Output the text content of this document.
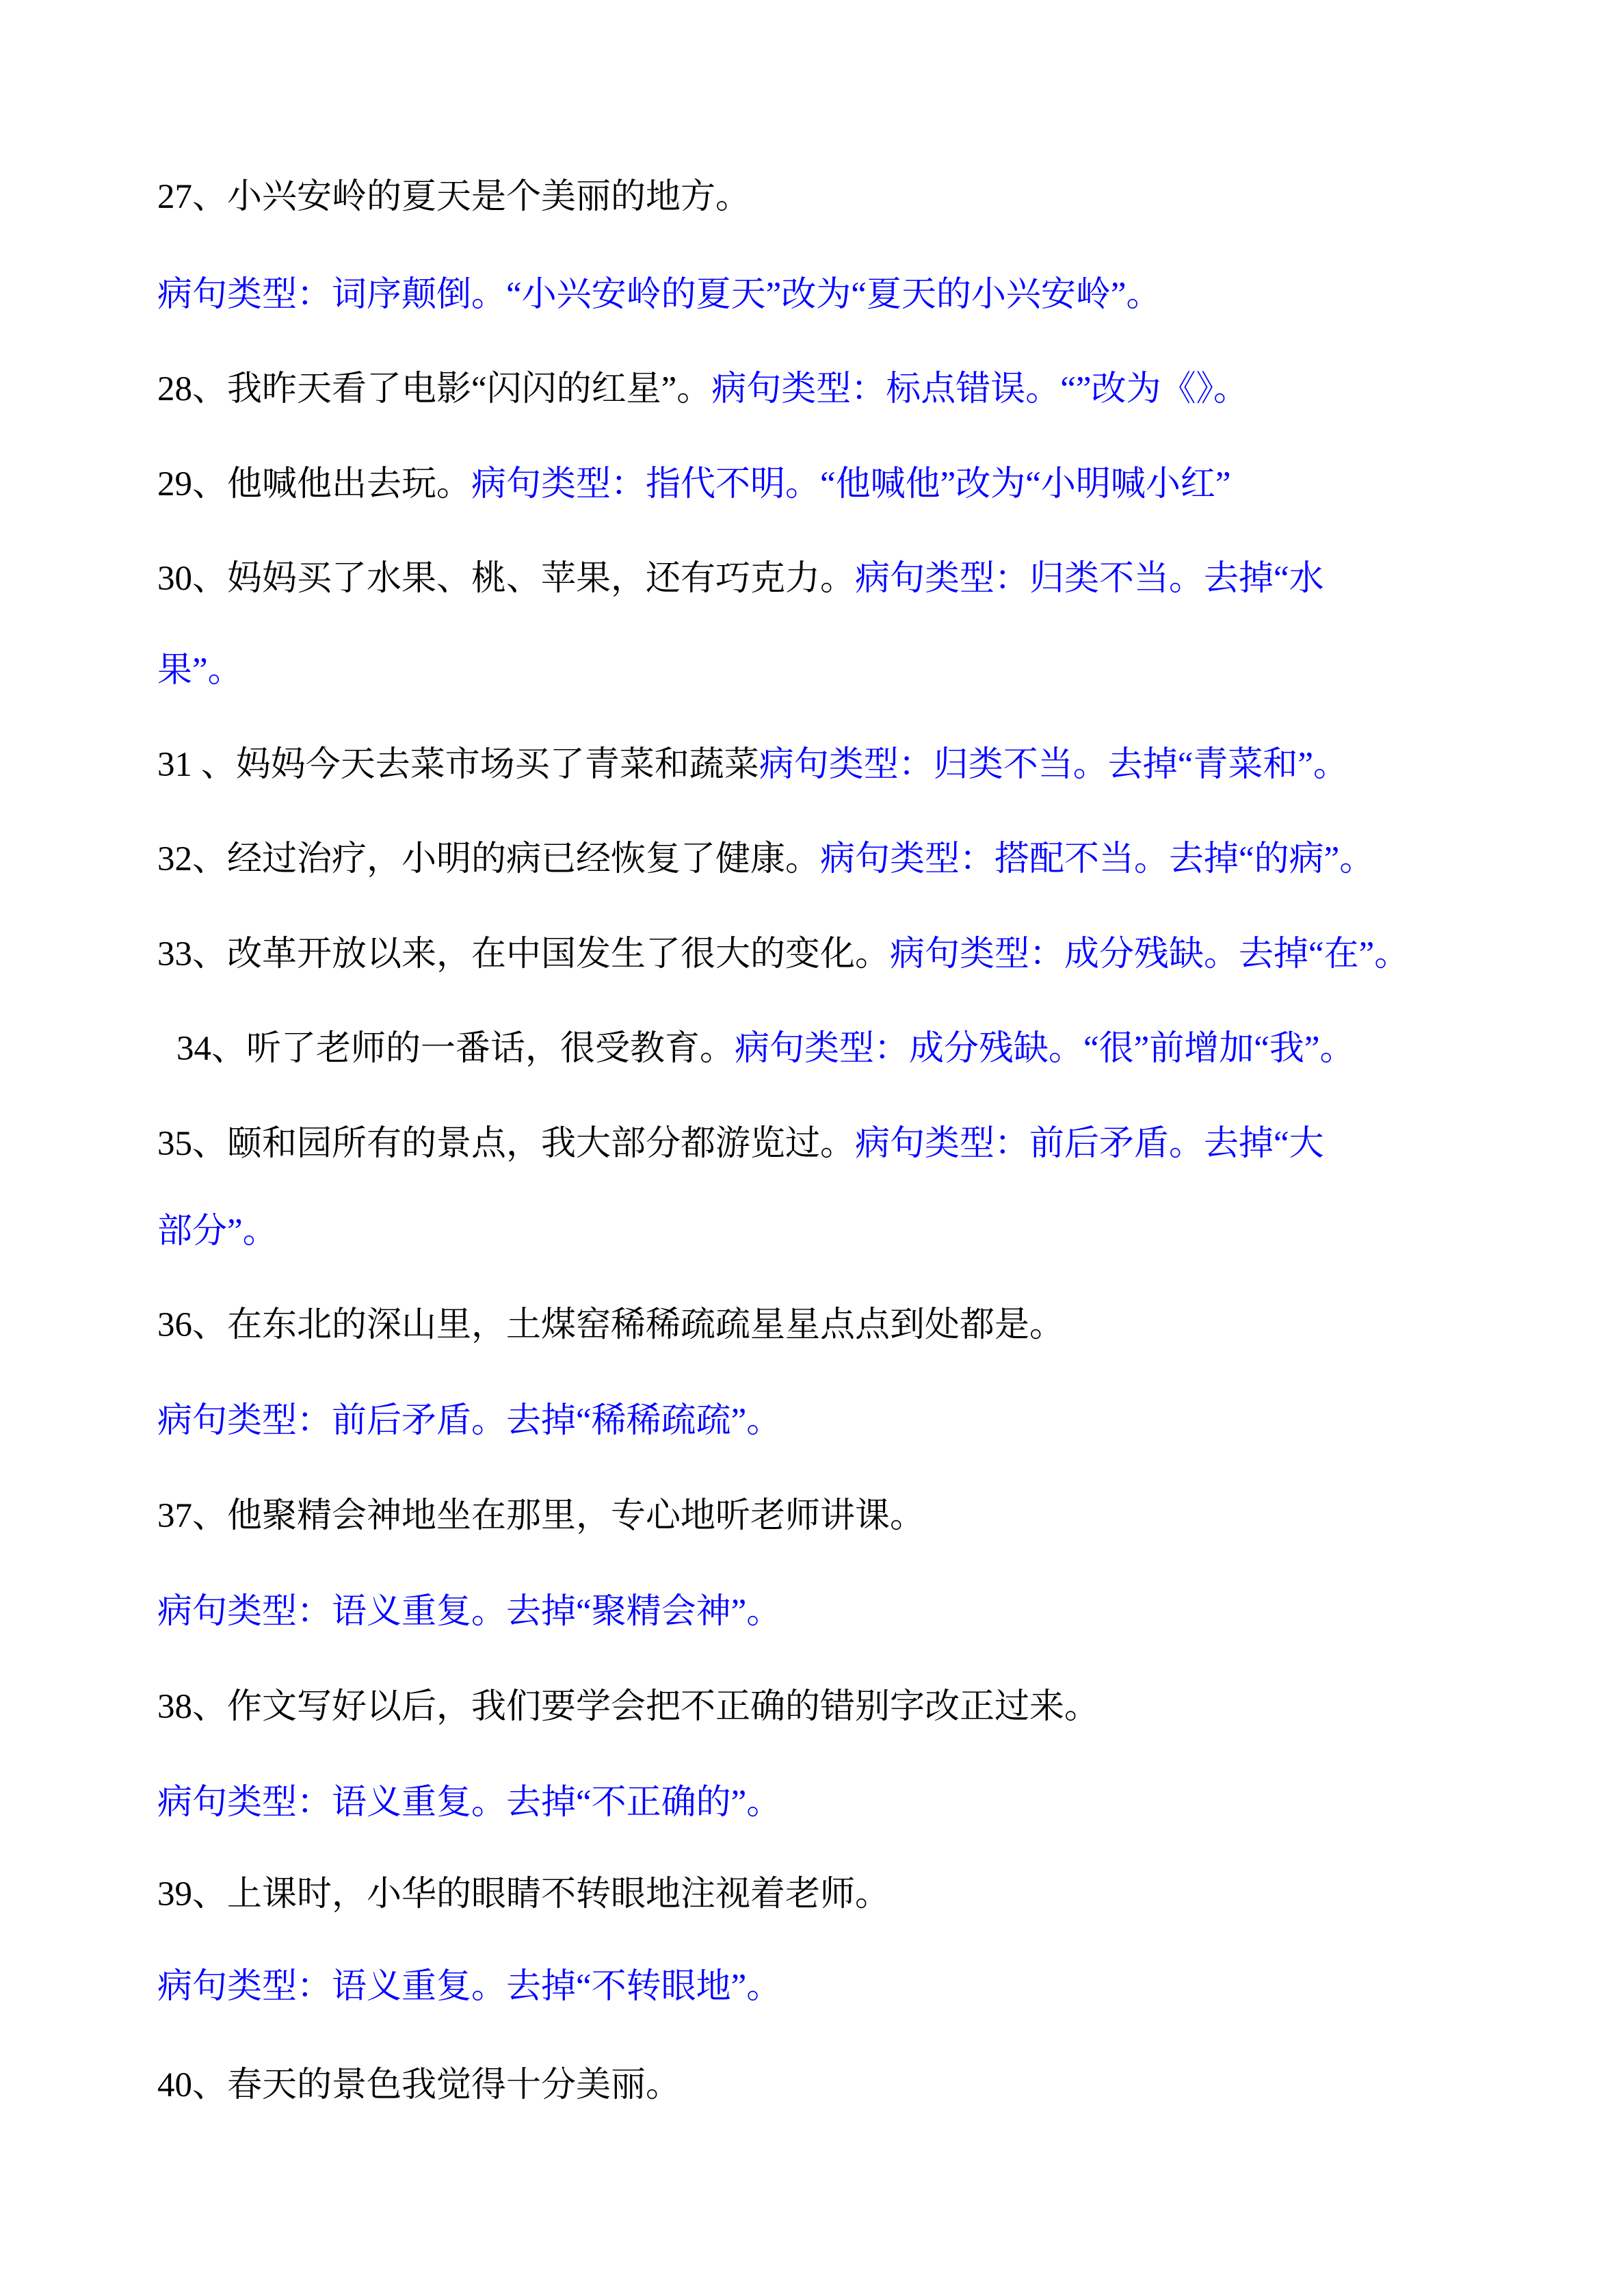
27、小兴安岭的夏天是个美丽的地方。
病句类型：词序颠倒。“小兴安岭的夏天”改为“夏天的小兴安岭”。
28、我昨天看了电影“闪闪的红星”。病句类型：标点错误。“”改为《》。
29、他喊他出去玩。病句类型：指代不明。“他喊他”改为“小明喊小红”
30、妈妈买了水果、桃、苹果，还有巧克力。病句类型：归类不当。去掉“水
果”。
31 、妈妈今天去菜市场买了青菜和蔬菜病句类型：归类不当。去掉“青菜和”。
32、经过治疗，小明的病已经恢复了健康。病句类型：搭配不当。去掉“的病”。
33、改革开放以来，在中国发生了很大的变化。病句类型：成分残缺。去掉“在”。
34、听了老师的一番话，很受教育。病句类型：成分残缺。“很”前增加“我”。
35、颐和园所有的景点，我大部分都游览过。病句类型：前后矛盾。去掉“大
部分”。
36、在东北的深山里，土煤窑稀稀疏疏星星点点到处都是。
病句类型：前后矛盾。去掉“稀稀疏疏”。
37、他聚精会神地坐在那里，专心地听老师讲课。
病句类型：语义重复。去掉“聚精会神”。
38、作文写好以后，我们要学会把不正确的错别字改正过来。
病句类型：语义重复。去掉“不正确的”。
39、上课时，小华的眼睛不转眼地注视着老师。
病句类型：语义重复。去掉“不转眼地”。
40、春天的景色我觉得十分美丽。
